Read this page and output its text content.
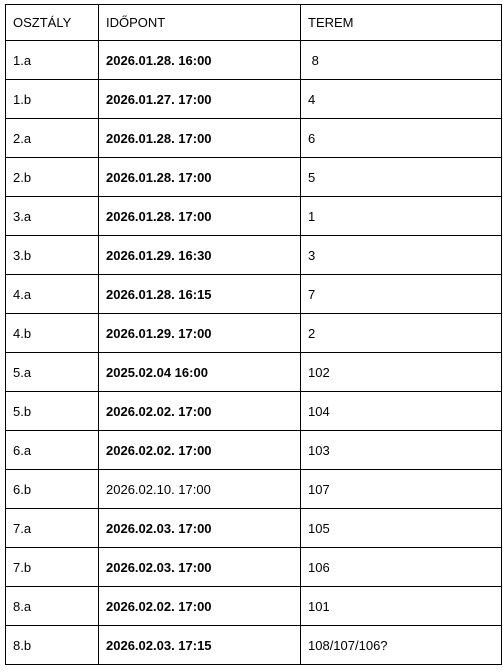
OSZTÁLY	IDŐPONT	TEREM
1.a	2026.01.28. 16:00	8
1.b	2026.01.27. 17:00	4
2.a	2026.01.28. 17:00	6
2.b	2026.01.28. 17:00	5
3.a	2026.01.28. 17:00	1
3.b	2026.01.29. 16:30	3
4.a	2026.01.28. 16:15	7
4.b	2026.01.29. 17:00	2
5.a	2025.02.04 16:00	102
5.b	2026.02.02. 17:00	104
6.a	2026.02.02. 17:00	103
6.b	2026.02.10. 17:00	107
7.a	2026.02.03. 17:00	105
7.b	2026.02.03. 17:00	106
8.a	2026.02.02. 17:00	101
8.b	2026.02.03. 17:15	108/107/106?
